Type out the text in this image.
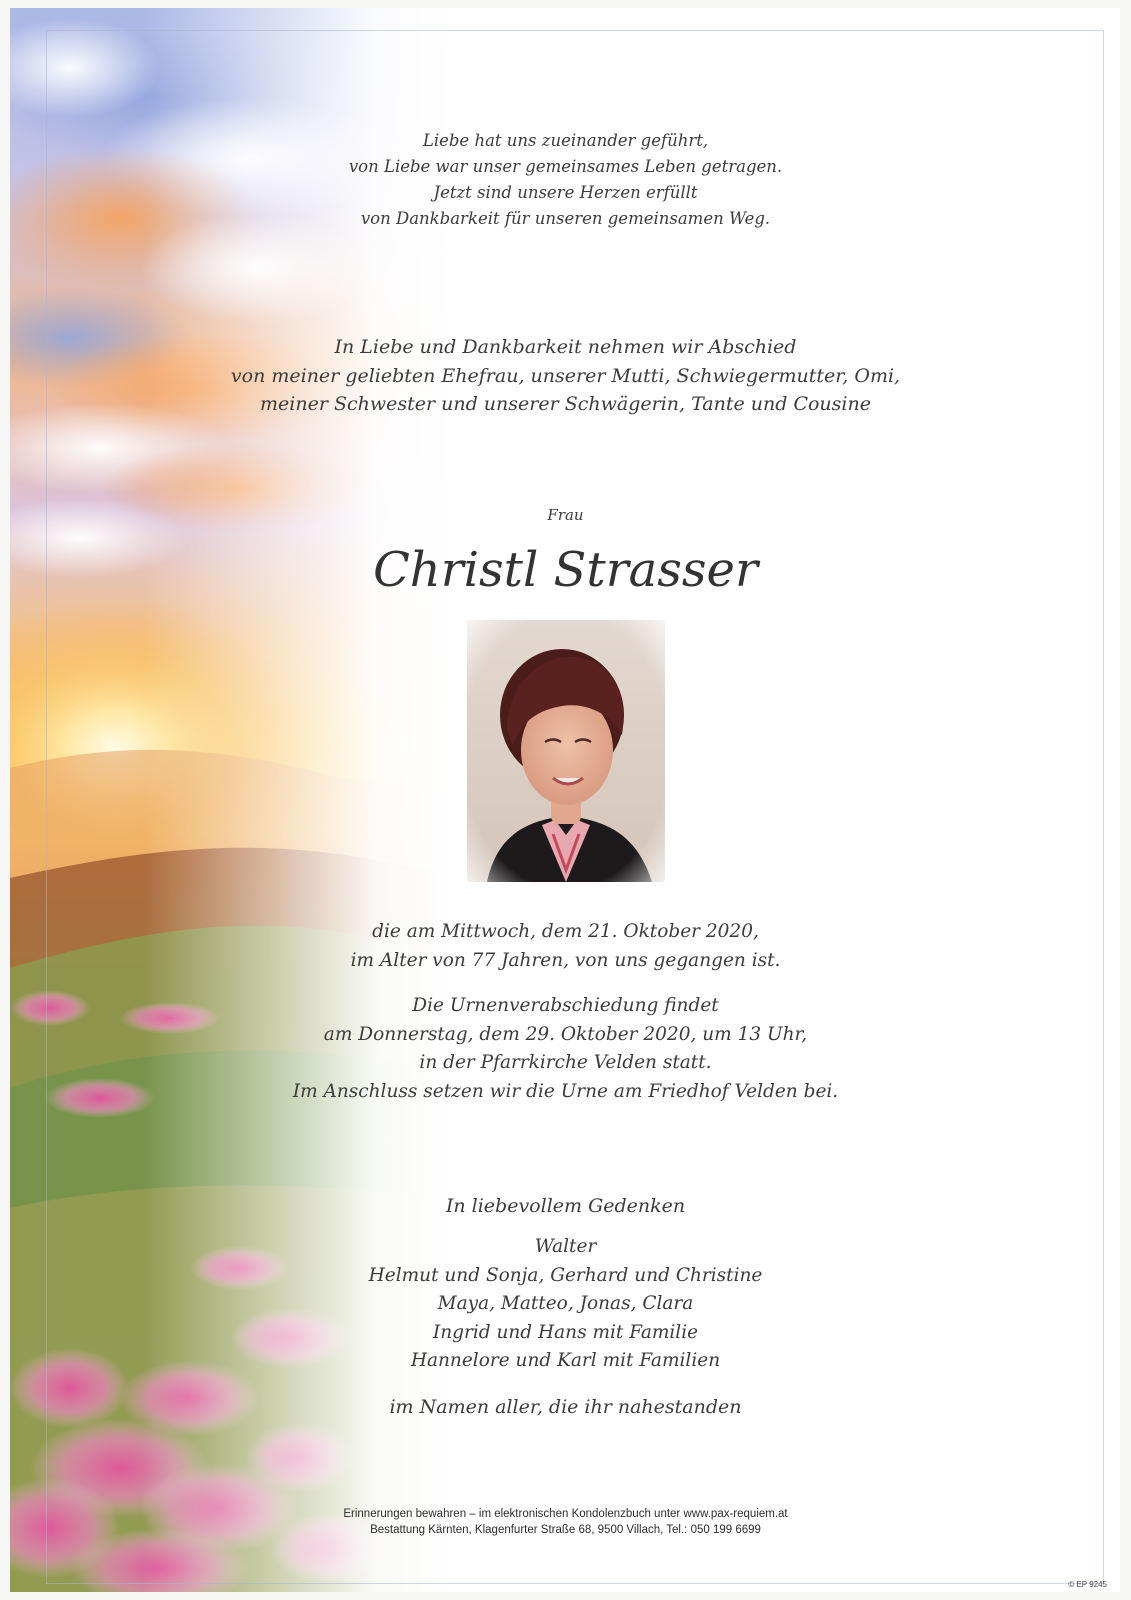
Liebe hat uns zueinander geführt,
von Liebe war unser gemeinsames Leben getragen.
Jetzt sind unsere Herzen erfüllt
von Dankbarkeit für unseren gemeinsamen Weg.
In Liebe und Dankbarkeit nehmen wir Abschied
von meiner geliebten Ehefrau, unserer Mutti, Schwiegermutter, Omi,
meiner Schwester und unserer Schwägerin, Tante und Cousine
Frau
Christl Strasser
die am Mittwoch, dem 21. Oktober 2020,
im Alter von 77 Jahren, von uns gegangen ist.
Die Urnenverabschiedung findet
am Donnerstag, dem 29. Oktober 2020, um 13 Uhr,
in der Pfarrkirche Velden statt.
Im Anschluss setzen wir die Urne am Friedhof Velden bei.
In liebevollem Gedenken
Walter
Helmut und Sonja, Gerhard und Christine
Maya, Matteo, Jonas, Clara
Ingrid und Hans mit Familie
Hannelore und Karl mit Familien
im Namen aller, die ihr nahestanden
Erinnerungen bewahren – im elektronischen Kondolenzbuch unter www.pax-requiem.at
Bestattung Kärnten, Klagenfurter Straße 68, 9500 Villach, Tel.: 050 199 6699
© EP 9245
